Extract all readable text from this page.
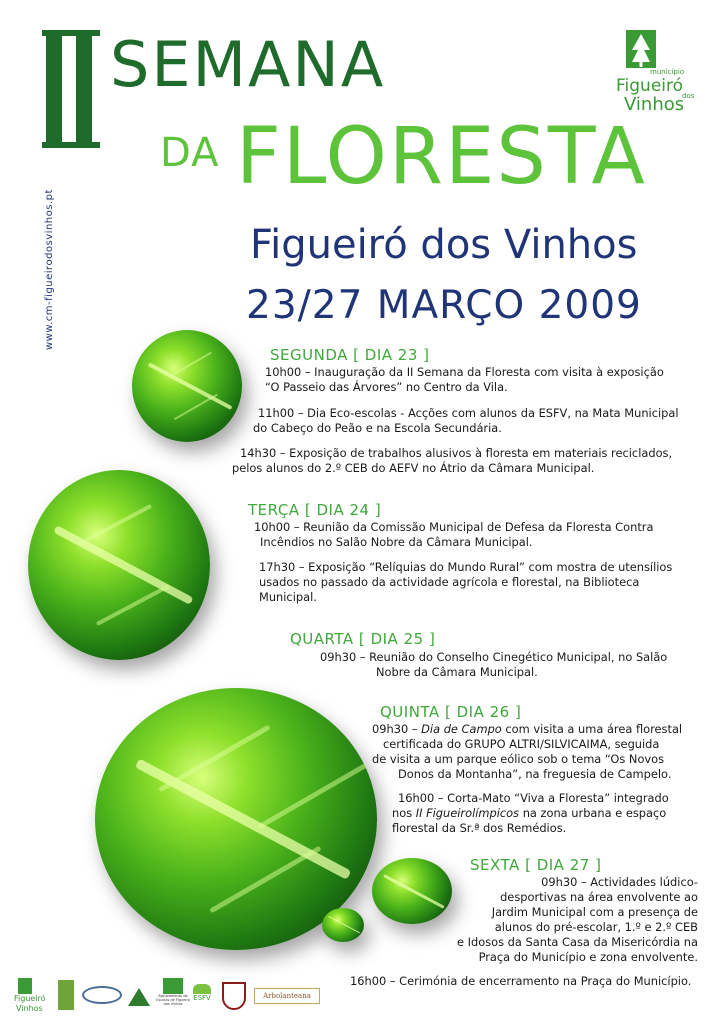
SEMANA
DA FLORESTA
Figueiró dos Vinhos
23/27 MARÇO 2009
www.cm-figueirodosvinhos.pt
município
Figueiró
Vinhos
dos
SEGUNDA [ DIA 23 ]
10h00 – Inauguração da II Semana da Floresta com visita à exposição
“O Passeio das Árvores” no Centro da Vila.
11h00 – Dia Eco-escolas - Acções com alunos da ESFV, na Mata Municipal
do Cabeço do Peão e na Escola Secundária.
14h30 – Exposição de trabalhos alusivos à floresta em materiais reciclados,
pelos alunos do 2.º CEB do AEFV no Átrio da Câmara Municipal.
TERÇA [ DIA 24 ]
10h00 – Reunião da Comissão Municipal de Defesa da Floresta Contra
Incêndios no Salão Nobre da Câmara Municipal.
17h30 – Exposição “Relíquias do Mundo Rural” com mostra de utensílios
usados no passado da actividade agrícola e florestal, na Biblioteca
Municipal.
QUARTA [ DIA 25 ]
09h30 – Reunião do Conselho Cinegético Municipal, no Salão
Nobre da Câmara Municipal.
QUINTA [ DIA 26 ]
09h30 – Dia de Campo com visita a uma área florestal
certificada do GRUPO ALTRI/SILVICAIMA, seguida
de visita a um parque eólico sob o tema “Os Novos
Donos da Montanha”, na freguesia de Campelo.
16h00 – Corta-Mato “Viva a Floresta” integrado
nos II Figueirolímpicos na zona urbana e espaço
florestal da Sr.ª dos Remédios.
SEXTA [ DIA 27 ]
09h30 – Actividades lúdico-
desportivas na área envolvente ao
Jardim Municipal com a presença de
alunos do pré-escolar, 1.º e 2.º CEB
e Idosos da Santa Casa da Misericórdia na
Praça do Município e zona envolvente.
16h00 – Cerimónia de encerramento na Praça do Município.
Figueiró
Vinhos
Agrupamento de Escolas de Figueiró dos Vinhos
ESFV	Arbolanteana
